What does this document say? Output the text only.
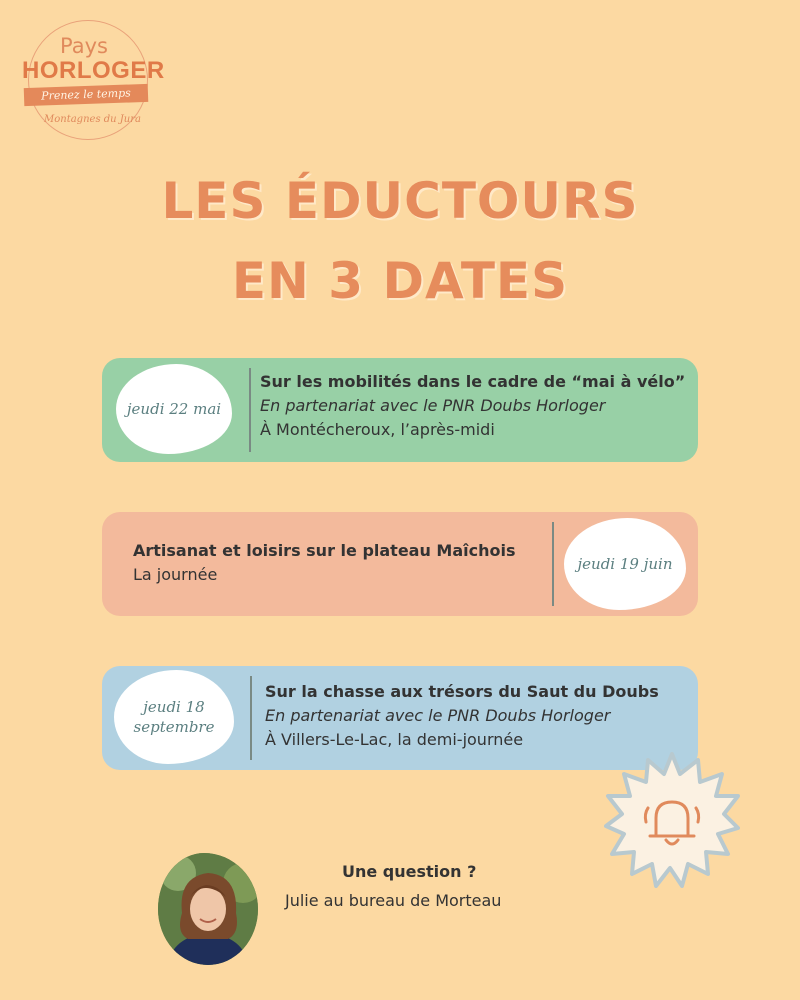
Pays
HORLOGER
Prenez le temps
Montagnes du Jura
LES ÉDUCTOURS
EN 3 DATES
jeudi 22 mai
Sur les mobilités dans le cadre de “mai à vélo”
En partenariat avec le PNR Doubs Horloger
À Montécheroux, l’après-midi
Artisanat et loisirs sur le plateau Maîchois
La journée
jeudi 19 juin
jeudi 18
septembre
Sur la chasse aux trésors du Saut du Doubs
En partenariat avec le PNR Doubs Horloger
À Villers-Le-Lac, la demi-journée
Une question ?
Julie au bureau de Morteau
